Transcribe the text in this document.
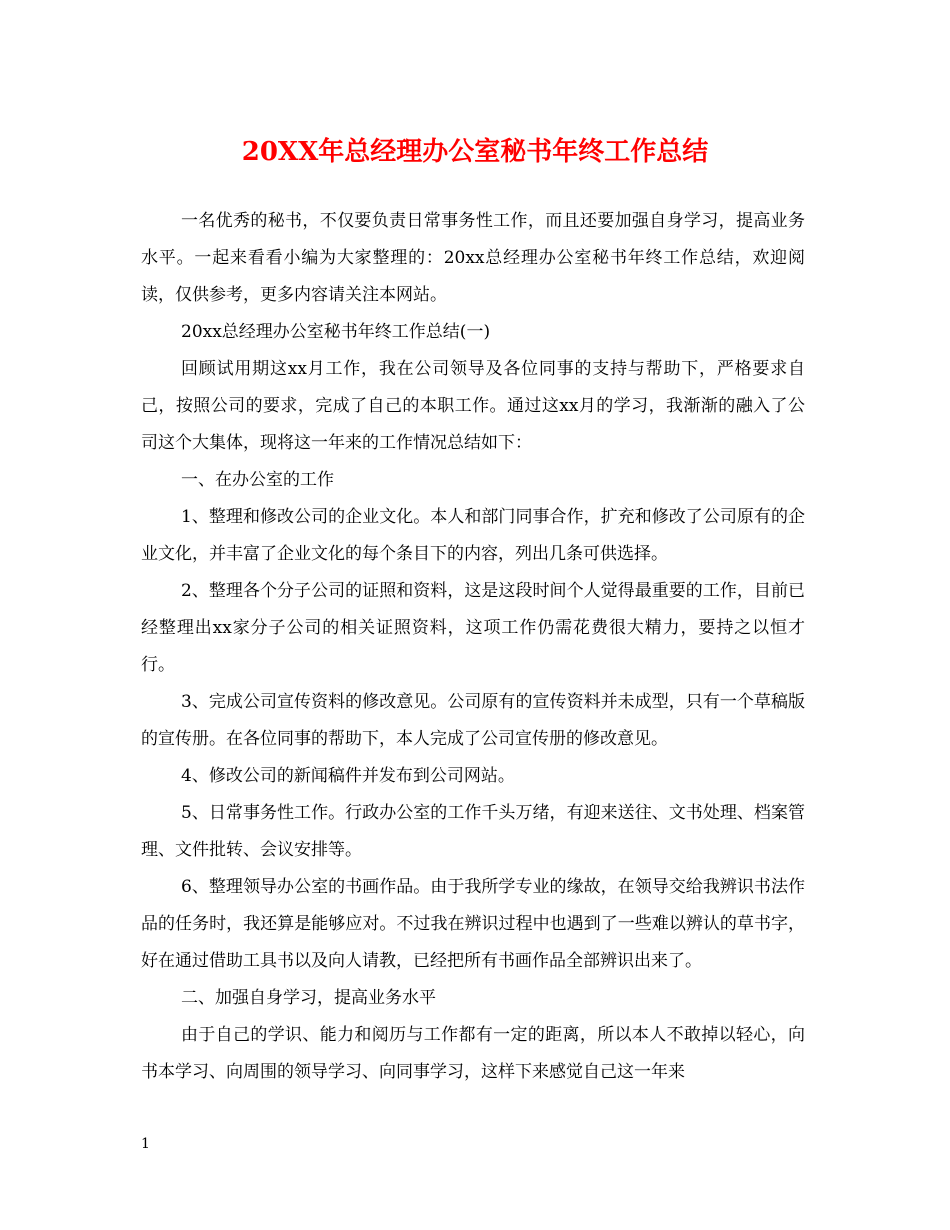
20XX年总经理办公室秘书年终工作总结

一名优秀的秘书，不仅要负责日常事务性工作，而且还要加强自身学习，提高业务水平。一起来看看小编为大家整理的：20xx总经理办公室秘书年终工作总结，欢迎阅读，仅供参考，更多内容请关注本网站。

20xx总经理办公室秘书年终工作总结(一)

回顾试用期这xx月工作，我在公司领导及各位同事的支持与帮助下，严格要求自己，按照公司的要求，完成了自己的本职工作。通过这xx月的学习，我渐渐的融入了公司这个大集体，现将这一年来的工作情况总结如下：

一、在办公室的工作

1、整理和修改公司的企业文化。本人和部门同事合作，扩充和修改了公司原有的企业文化，并丰富了企业文化的每个条目下的内容，列出几条可供选择。

2、整理各个分子公司的证照和资料，这是这段时间个人觉得最重要的工作，目前已经整理出xx家分子公司的相关证照资料，这项工作仍需花费很大精力，要持之以恒才行。

3、完成公司宣传资料的修改意见。公司原有的宣传资料并未成型，只有一个草稿版的宣传册。在各位同事的帮助下，本人完成了公司宣传册的修改意见。

4、修改公司的新闻稿件并发布到公司网站。

5、日常事务性工作。行政办公室的工作千头万绪，有迎来送往、文书处理、档案管理、文件批转、会议安排等。

6、整理领导办公室的书画作品。由于我所学专业的缘故，在领导交给我辨识书法作品的任务时，我还算是能够应对。不过我在辨识过程中也遇到了一些难以辨认的草书字，好在通过借助工具书以及向人请教，已经把所有书画作品全部辨识出来了。

二、加强自身学习，提高业务水平

由于自己的学识、能力和阅历与工作都有一定的距离，所以本人不敢掉以轻心，向书本学习、向周围的领导学习、向同事学习，这样下来感觉自己这一年来

1
